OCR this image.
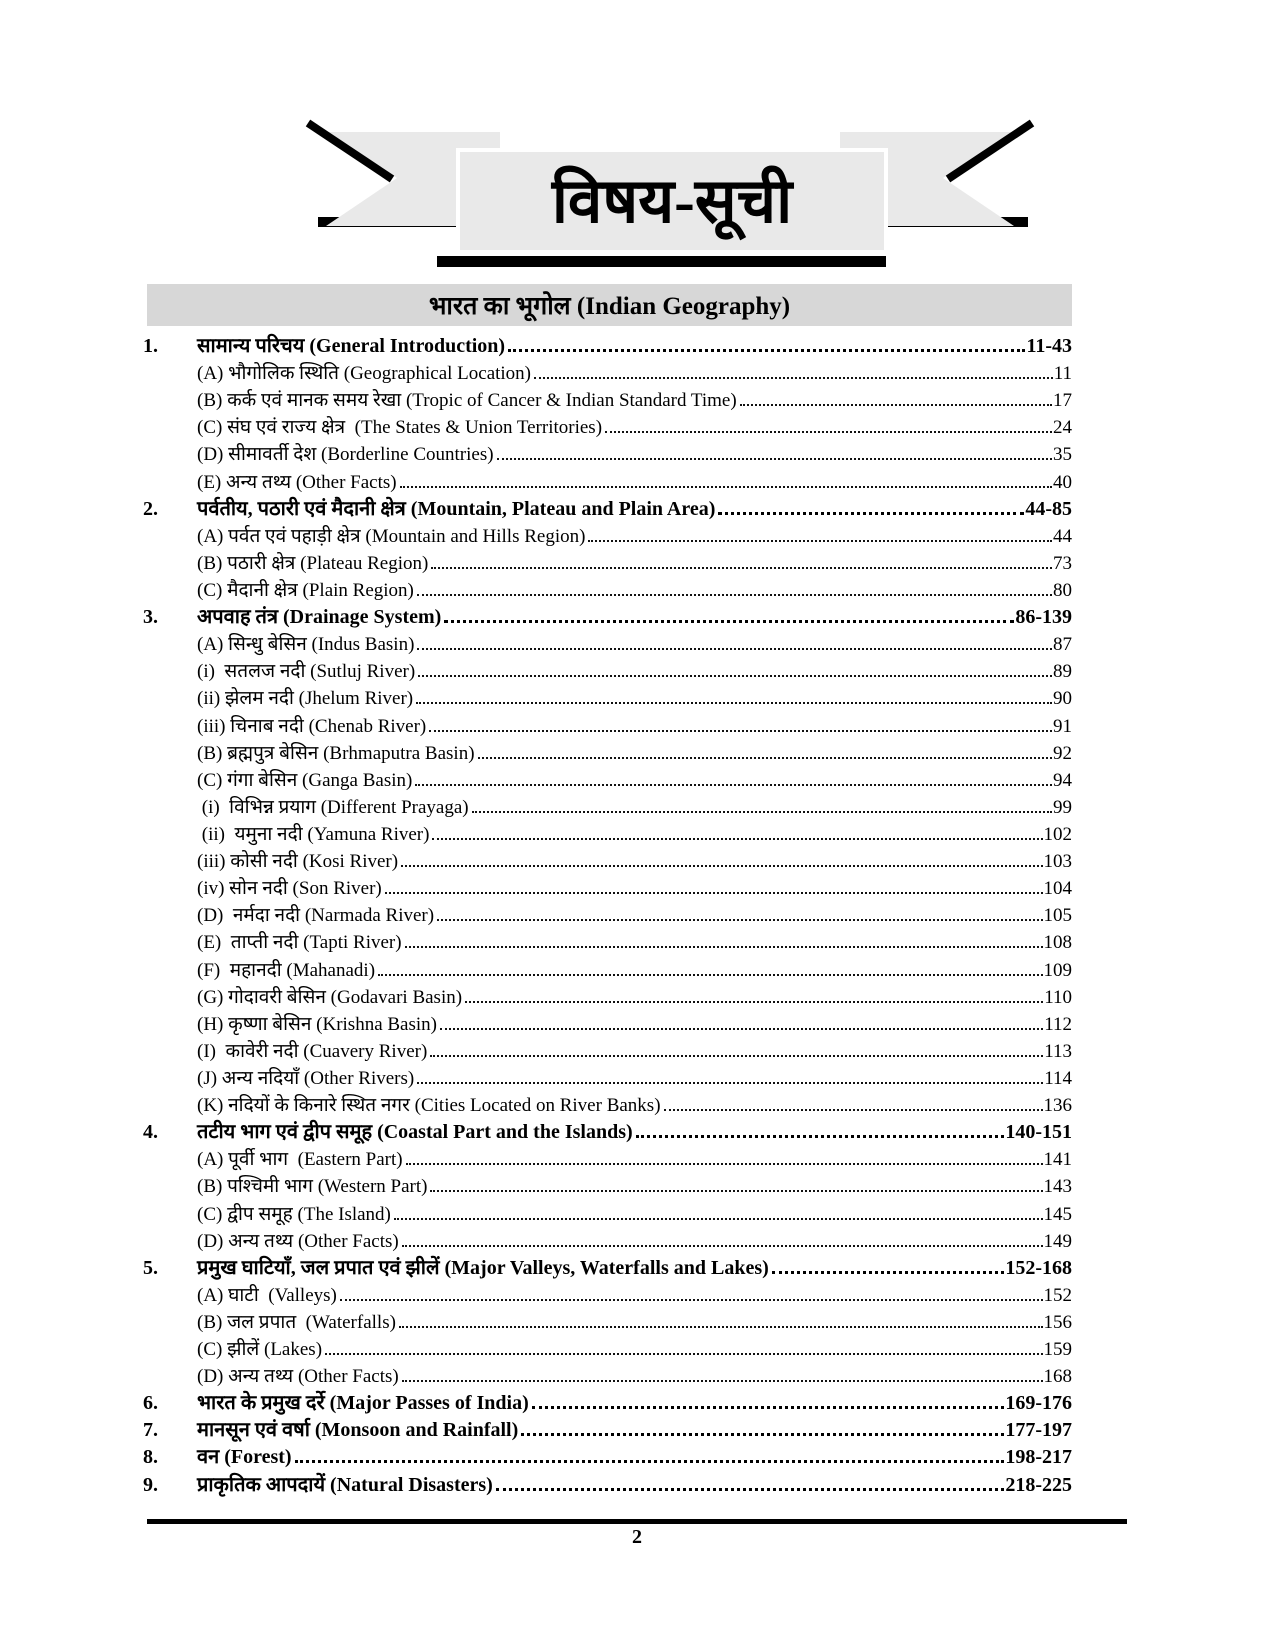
विषय-सूची
भारत का भूगोल (Indian Geography)
1.	सामान्य परिचय (General Introduction)	11-43
(A) भौगोलिक स्थिति (Geographical Location)	11
(B) कर्क एवं मानक समय रेखा (Tropic of Cancer & Indian Standard Time)	17
(C) संघ एवं राज्य क्षेत्र  (The States & Union Territories)	24
(D) सीमावर्ती देश (Borderline Countries)	35
(E) अन्य तथ्य (Other Facts)	40
2.	पर्वतीय, पठारी एवं मैदानी क्षेत्र (Mountain, Plateau and Plain Area)	44-85
(A) पर्वत एवं पहाड़ी क्षेत्र (Mountain and Hills Region)	44
(B) पठारी क्षेत्र (Plateau Region)	73
(C) मैदानी क्षेत्र (Plain Region)	80
3.	अपवाह तंत्र (Drainage System)	86-139
(A) सिन्धु बेसिन (Indus Basin)	87
(i)  सतलज नदी (Sutluj River)	89
(ii) झेलम नदी (Jhelum River)	90
(iii) चिनाब नदी (Chenab River)	91
(B) ब्रह्मपुत्र बेसिन (Brhmaputra Basin)	92
(C) गंगा बेसिन (Ganga Basin)	94
(i)  विभिन्न प्रयाग (Different Prayaga)	99
(ii)  यमुना नदी (Yamuna River)	102
(iii) कोसी नदी (Kosi River)	103
(iv) सोन नदी (Son River)	104
(D)  नर्मदा नदी (Narmada River)	105
(E)  ताप्ती नदी (Tapti River)	108
(F)  महानदी (Mahanadi)	109
(G) गोदावरी बेसिन (Godavari Basin)	110
(H) कृष्णा बेसिन (Krishna Basin)	112
(I)  कावेरी नदी (Cuavery River)	113
(J) अन्य नदियाँ (Other Rivers)	114
(K) नदियों के किनारे स्थित नगर (Cities Located on River Banks)	136
4.	तटीय भाग एवं द्वीप समूह (Coastal Part and the Islands)	140-151
(A) पूर्वी भाग  (Eastern Part)	141
(B) पश्चिमी भाग (Western Part)	143
(C) द्वीप समूह (The Island)	145
(D) अन्य तथ्य (Other Facts)	149
5.	प्रमुख घाटियाँ, जल प्रपात एवं झीलें (Major Valleys, Waterfalls and Lakes)	152-168
(A) घाटी  (Valleys)	152
(B) जल प्रपात  (Waterfalls)	156
(C) झीलें (Lakes)	159
(D) अन्य तथ्य (Other Facts)	168
6.	भारत के प्रमुख दर्रे (Major Passes of India)	169-176
7.	मानसून एवं वर्षा (Monsoon and Rainfall)	177-197
8.	वन (Forest)	198-217
9.	प्राकृतिक आपदायें (Natural Disasters)	218-225
2
